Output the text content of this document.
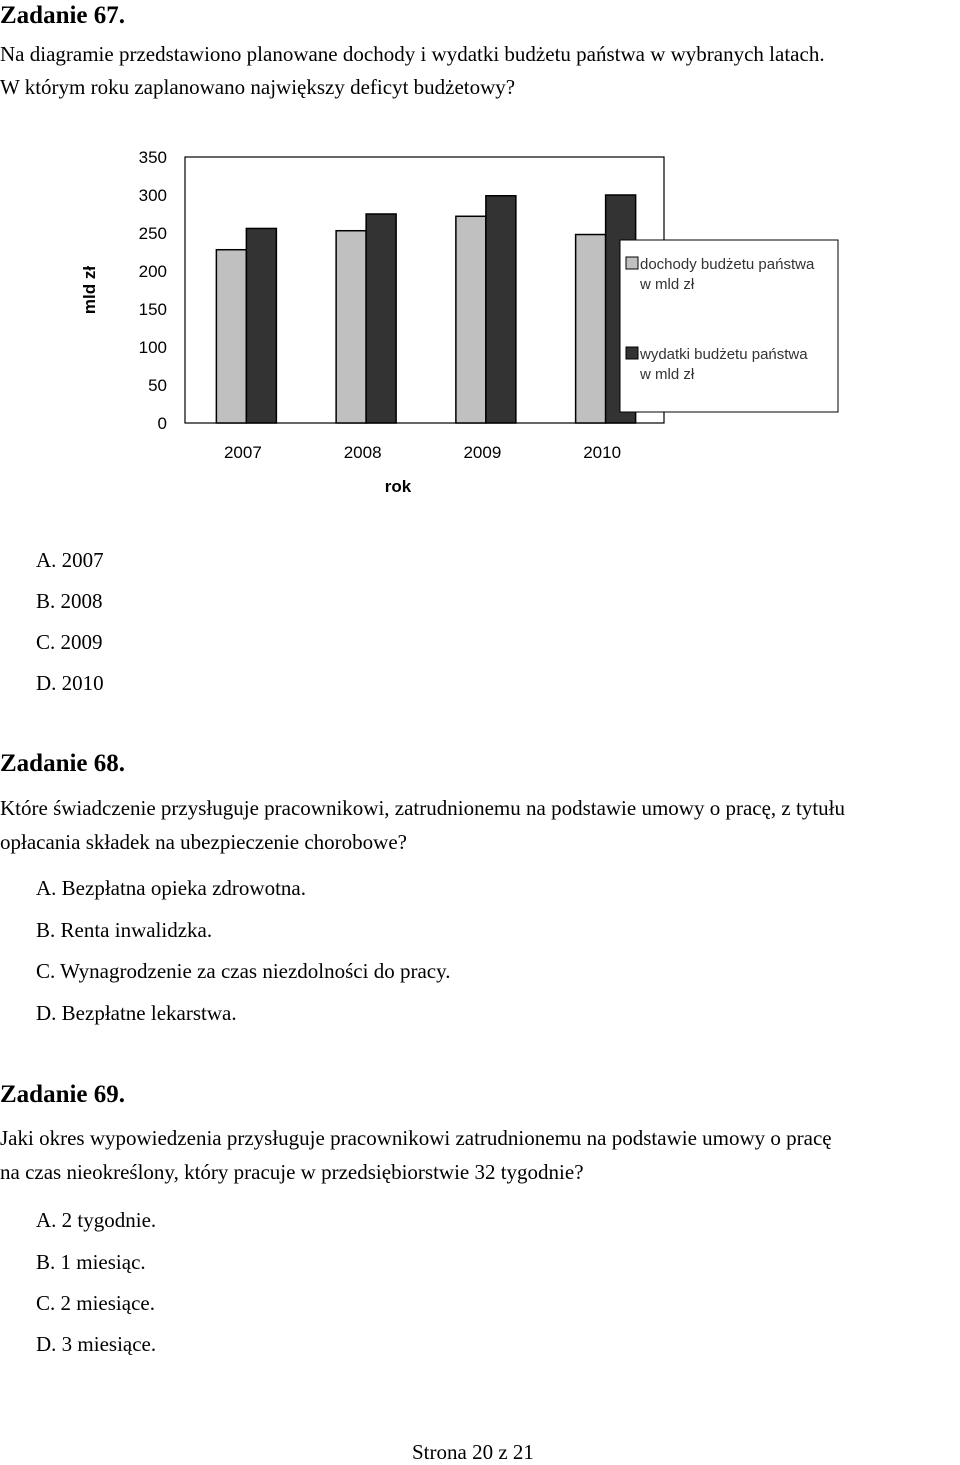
Zadanie 67.
Na diagramie przedstawiono planowane dochody i wydatki budżetu państwa w wybranych latach.
W którym roku zaplanowano największy deficyt budżetowy?
0
50
100
150
200
250
300
350
mld zł
2007	2008	2009	2010
rok
dochody budżetu państwa
w mld zł
wydatki budżetu państwa
w mld zł
A. 2007
B. 2008
C. 2009
D. 2010
Zadanie 68.
Które świadczenie przysługuje pracownikowi, zatrudnionemu na podstawie umowy o pracę, z tytułu
opłacania składek na ubezpieczenie chorobowe?
A. Bezpłatna opieka zdrowotna.
B. Renta inwalidzka.
C. Wynagrodzenie za czas niezdolności do pracy.
D. Bezpłatne lekarstwa.
Zadanie 69.
Jaki okres wypowiedzenia przysługuje pracownikowi zatrudnionemu na podstawie umowy o pracę
na czas nieokreślony, który pracuje w przedsiębiorstwie 32 tygodnie?
A. 2 tygodnie.
B. 1 miesiąc.
C. 2 miesiące.
D. 3 miesiące.
Strona 20 z 21
